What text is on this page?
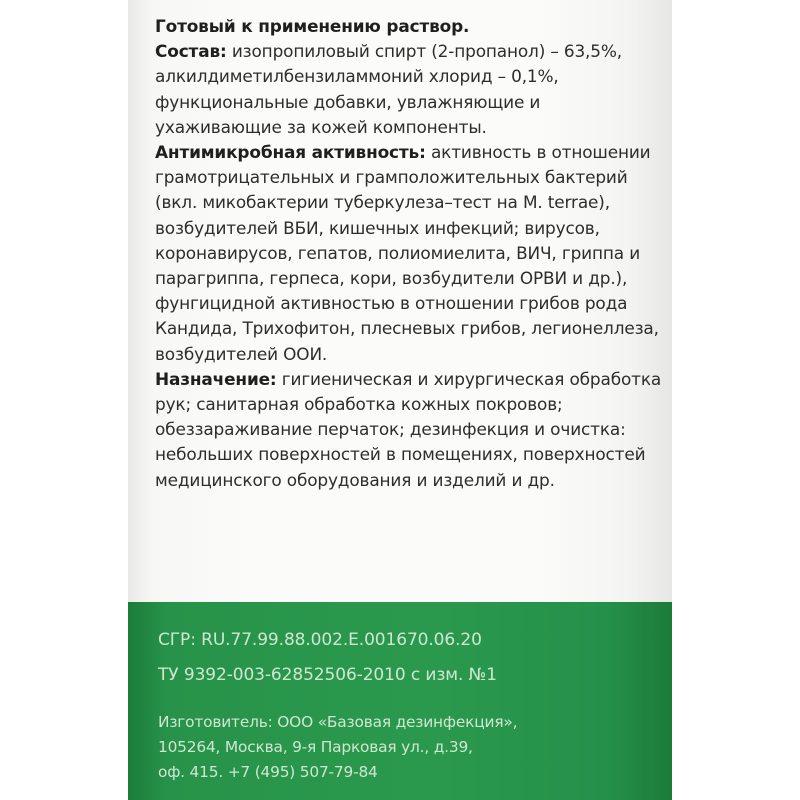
Готовый к применению раствор.

Состав: изопропиловый спирт (2-пропанол) – 63,5%, алкилдиметилбензиламмоний хлорид – 0,1%, функциональные добавки, увлажняющие и ухаживающие за кожей компоненты.

Антимикробная активность: активность в отношении грамотрицательных и грамположительных бактерий (вкл. микобактерии туберкулеза–тест на M. terrae), возбудителей ВБИ, кишечных инфекций; вирусов, коронавирусов, гепатов, полиомиелита, ВИЧ, гриппа и парагриппа, герпеса, кори, возбудители ОРВИ и др.), фунгицидной активностью в отношении грибов рода Кандида, Трихофитон, плесневых грибов, легионеллеза, возбудителей ООИ.

Назначение: гигиеническая и хирургическая обработка рук; санитарная обработка кожных покровов; обеззараживание перчаток; дезинфекция и очистка: небольших поверхностей в помещениях, поверхностей медицинского оборудования и изделий и др.

СГР: RU.77.99.88.002.Е.001670.06.20
ТУ 9392-003-62852506-2010 с изм. №1
Изготовитель: ООО «Базовая дезинфекция»,
105264, Москва, 9-я Парковая ул., д.39,
оф. 415. +7 (495) 507-79-84
